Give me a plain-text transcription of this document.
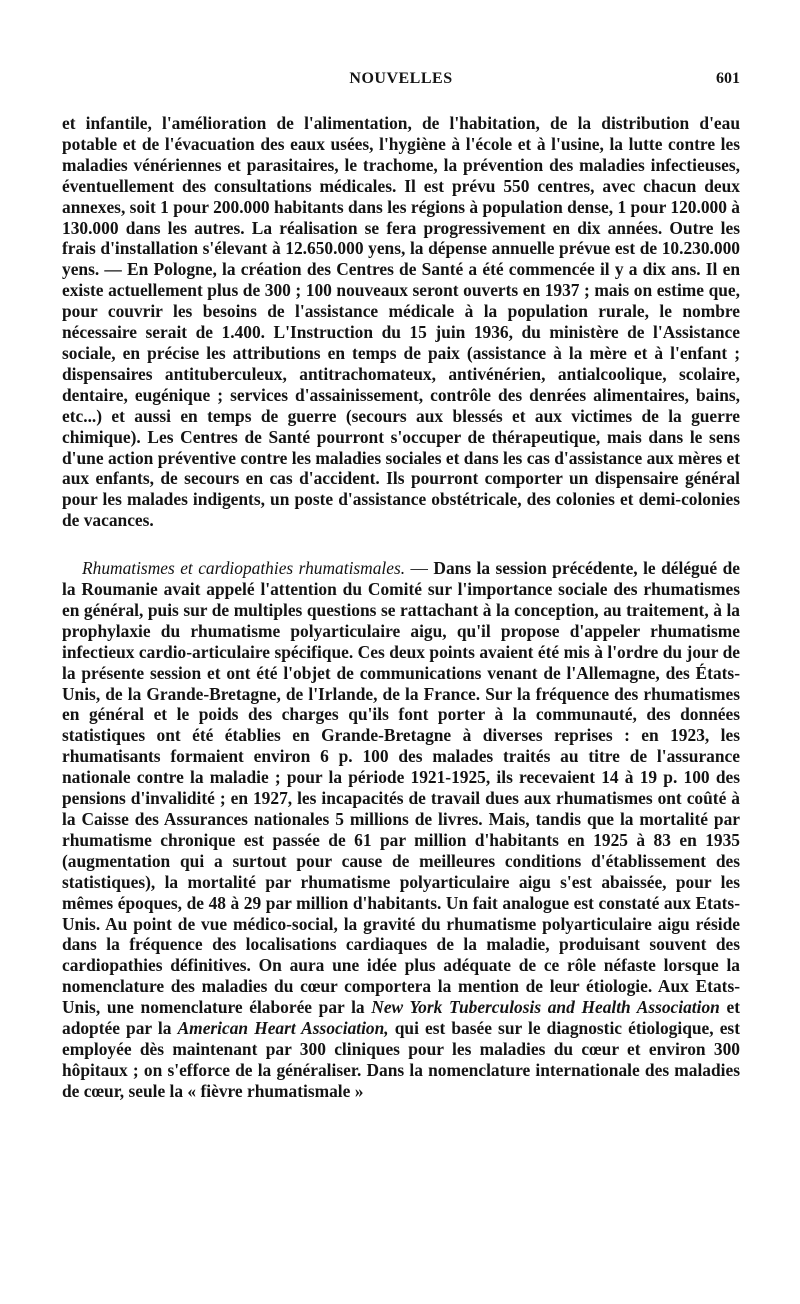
NOUVELLES	601

et infantile, l'amélioration de l'alimentation, de l'habitation, de la distribution d'eau potable et de l'évacuation des eaux usées, l'hygiène à l'école et à l'usine, la lutte contre les maladies vénériennes et parasitaires, le trachome, la prévention des maladies infectieuses, éventuellement des consultations médicales. Il est prévu 550 centres, avec chacun deux annexes, soit 1 pour 200.000 habitants dans les régions à population dense, 1 pour 120.000 à 130.000 dans les autres. La réalisation se fera progressivement en dix années. Outre les frais d'installation s'élevant à 12.650.000 yens, la dépense annuelle prévue est de 10.230.000 yens. — En Pologne, la création des Centres de Santé a été commencée il y a dix ans. Il en existe actuellement plus de 300 ; 100 nouveaux seront ouverts en 1937 ; mais on estime que, pour couvrir les besoins de l'assistance médicale à la population rurale, le nombre nécessaire serait de 1.400. L'Instruction du 15 juin 1936, du ministère de l'Assistance sociale, en précise les attributions en temps de paix (assistance à la mère et à l'enfant ; dispensaires antituberculeux, antitrachomateux, antivénérien, antialcoolique, scolaire, dentaire, eugénique ; services d'assainissement, contrôle des denrées alimentaires, bains, etc...) et aussi en temps de guerre (secours aux blessés et aux victimes de la guerre chimique). Les Centres de Santé pourront s'occuper de thérapeutique, mais dans le sens d'une action préventive contre les maladies sociales et dans les cas d'assistance aux mères et aux enfants, de secours en cas d'accident. Ils pourront comporter un dispensaire général pour les malades indigents, un poste d'assistance obstétricale, des colonies et demi-colonies de vacances.

Rhumatismes et cardiopathies rhumatismales. — Dans la session précédente, le délégué de la Roumanie avait appelé l'attention du Comité sur l'importance sociale des rhumatismes en général, puis sur de multiples questions se rattachant à la conception, au traitement, à la prophylaxie du rhumatisme polyarticulaire aigu, qu'il propose d'appeler rhumatisme infectieux cardio-articulaire spécifique. Ces deux points avaient été mis à l'ordre du jour de la présente session et ont été l'objet de communications venant de l'Allemagne, des États-Unis, de la Grande-Bretagne, de l'Irlande, de la France. Sur la fréquence des rhumatismes en général et le poids des charges qu'ils font porter à la communauté, des données statistiques ont été établies en Grande-Bretagne à diverses reprises : en 1923, les rhumatisants formaient environ 6 p. 100 des malades traités au titre de l'assurance nationale contre la maladie ; pour la période 1921-1925, ils recevaient 14 à 19 p. 100 des pensions d'invalidité ; en 1927, les incapacités de travail dues aux rhumatismes ont coûté à la Caisse des Assurances nationales 5 millions de livres. Mais, tandis que la mortalité par rhumatisme chronique est passée de 61 par million d'habitants en 1925 à 83 en 1935 (augmentation qui a surtout pour cause de meilleures conditions d'établissement des statistiques), la mortalité par rhumatisme polyarticulaire aigu s'est abaissée, pour les mêmes époques, de 48 à 29 par million d'habitants. Un fait analogue est constaté aux Etats-Unis. Au point de vue médico-social, la gravité du rhumatisme polyarticulaire aigu réside dans la fréquence des localisations cardiaques de la maladie, produisant souvent des cardiopathies définitives. On aura une idée plus adéquate de ce rôle néfaste lorsque la nomenclature des maladies du cœur comportera la mention de leur étiologie. Aux Etats-Unis, une nomenclature élaborée par la New York Tuberculosis and Health Association et adoptée par la American Heart Association, qui est basée sur le diagnostic étiologique, est employée dès maintenant par 300 cliniques pour les maladies du cœur et environ 300 hôpitaux ; on s'efforce de la généraliser. Dans la nomenclature internationale des maladies de cœur, seule la « fièvre rhumatismale »
